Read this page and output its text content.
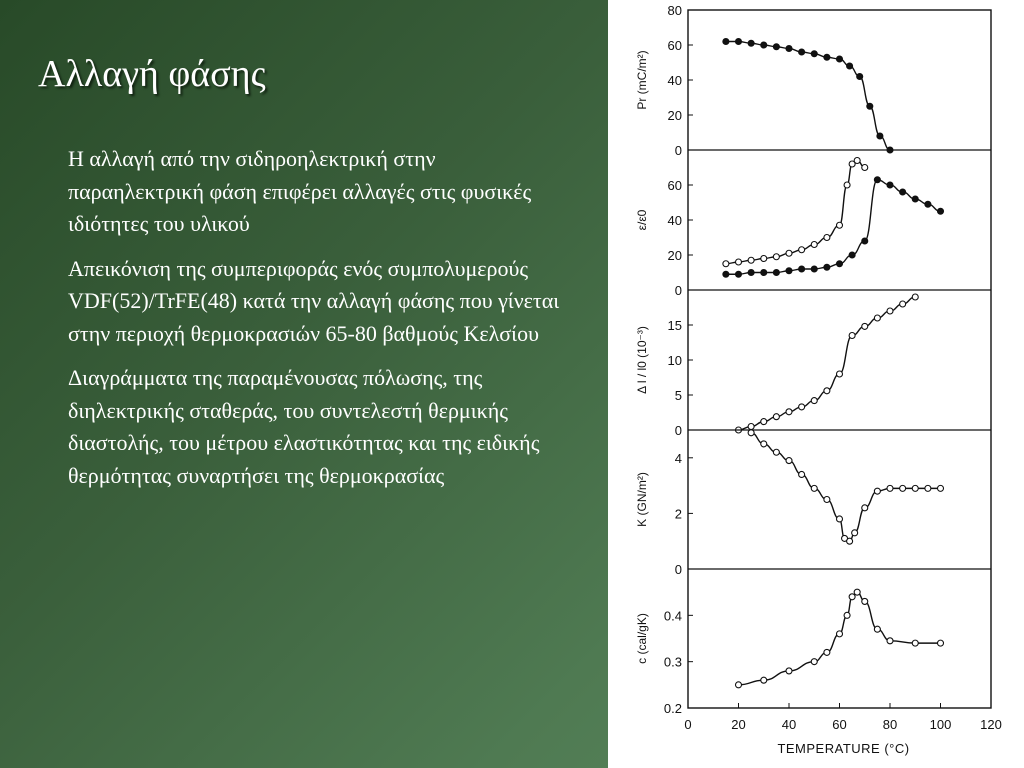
Αλλαγή φάσης

Η αλλαγή από την σιδηροηλεκτρική στην παραηλεκτρική φάση επιφέρει αλλαγές στις φυσικές ιδιότητες του υλικού

Απεικόνιση της συμπεριφοράς ενός συμπολυμερούς VDF(52)/TrFE(48) κατά την αλλαγή φάσης που γίνεται στην περιοχή θερμοκρασιών 65-80 βαθμούς Κελσίου

Διαγράμματα της παραμένουσας πόλωσης, της διηλεκτρικής σταθεράς, του συντελεστή θερμικής διαστολής, του μέτρου ελαστικότητας και της ειδικής θερμότητας συναρτήσει της θερμοκρασίας

0
20
40
60
80
Pr (mC/m²)
0
20
40
60
ε/ε0
0
5
10
15
Δ l / l0 (10⁻³)
0
2
4
K (GN/m²)
0.2
0.3
0.4
c (cal/gK)
0	20	40	60	80 100 120
TEMPERATURE (°C)
